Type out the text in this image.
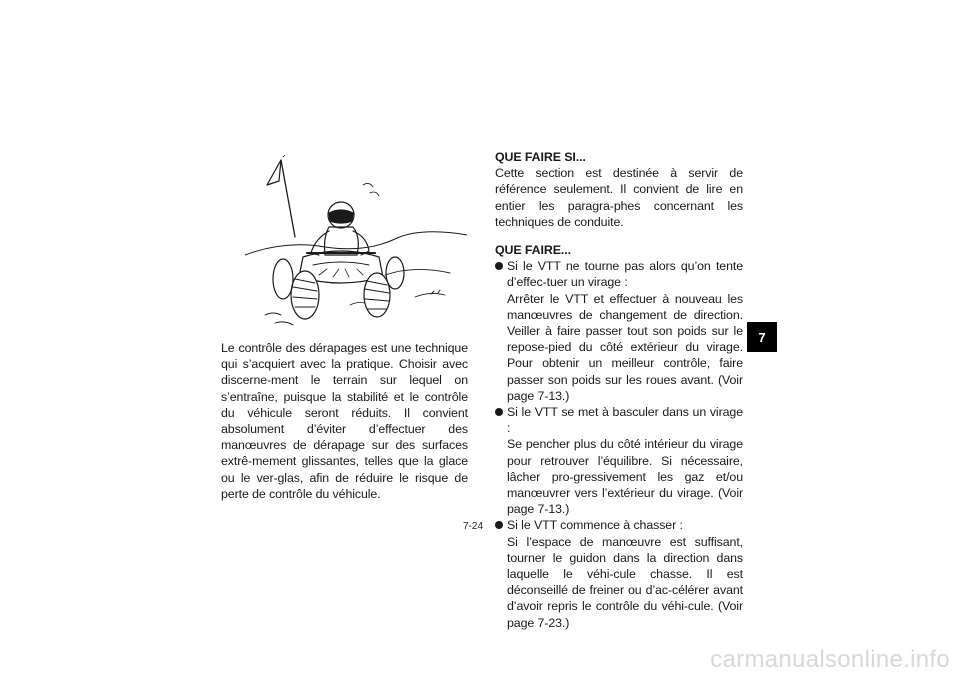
Le contrôle des dérapages est une technique qui s’acquiert avec la pratique. Choisir avec discerne-ment le terrain sur lequel on s’entraîne, puisque la stabilité et le contrôle du véhicule seront réduits. Il convient absolument d’éviter d’effectuer des manœuvres de dérapage sur des surfaces extrê-mement glissantes, telles que la glace ou le ver-glas, afin de réduire le risque de perte de contrôle du véhicule.

QUE FAIRE SI...

Cette section est destinée à servir de référence seulement. Il convient de lire en entier les paragra-phes concernant les techniques de conduite.

QUE FAIRE...

Si le VTT ne tourne pas alors qu’on tente d’effec-tuer un virage :
Arrêter le VTT et effectuer à nouveau les manœuvres de changement de direction. Veiller à faire passer tout son poids sur le repose-pied du côté extérieur du virage. Pour obtenir un meilleur contrôle, faire passer son poids sur les roues avant. (Voir page 7-13.)
Si le VTT se met à basculer dans un virage :
Se pencher plus du côté intérieur du virage pour retrouver l’équilibre. Si nécessaire, lâcher pro-gressivement les gaz et/ou manœuvrer vers l’extérieur du virage. (Voir page 7-13.)
Si le VTT commence à chasser :
Si l’espace de manœuvre est suffisant, tourner le guidon dans la direction dans laquelle le véhi-cule chasse. Il est déconseillé de freiner ou d’ac-célérer avant d’avoir repris le contrôle du véhi-cule. (Voir page 7-23.)
7
7-24
carmanualsonline.info
